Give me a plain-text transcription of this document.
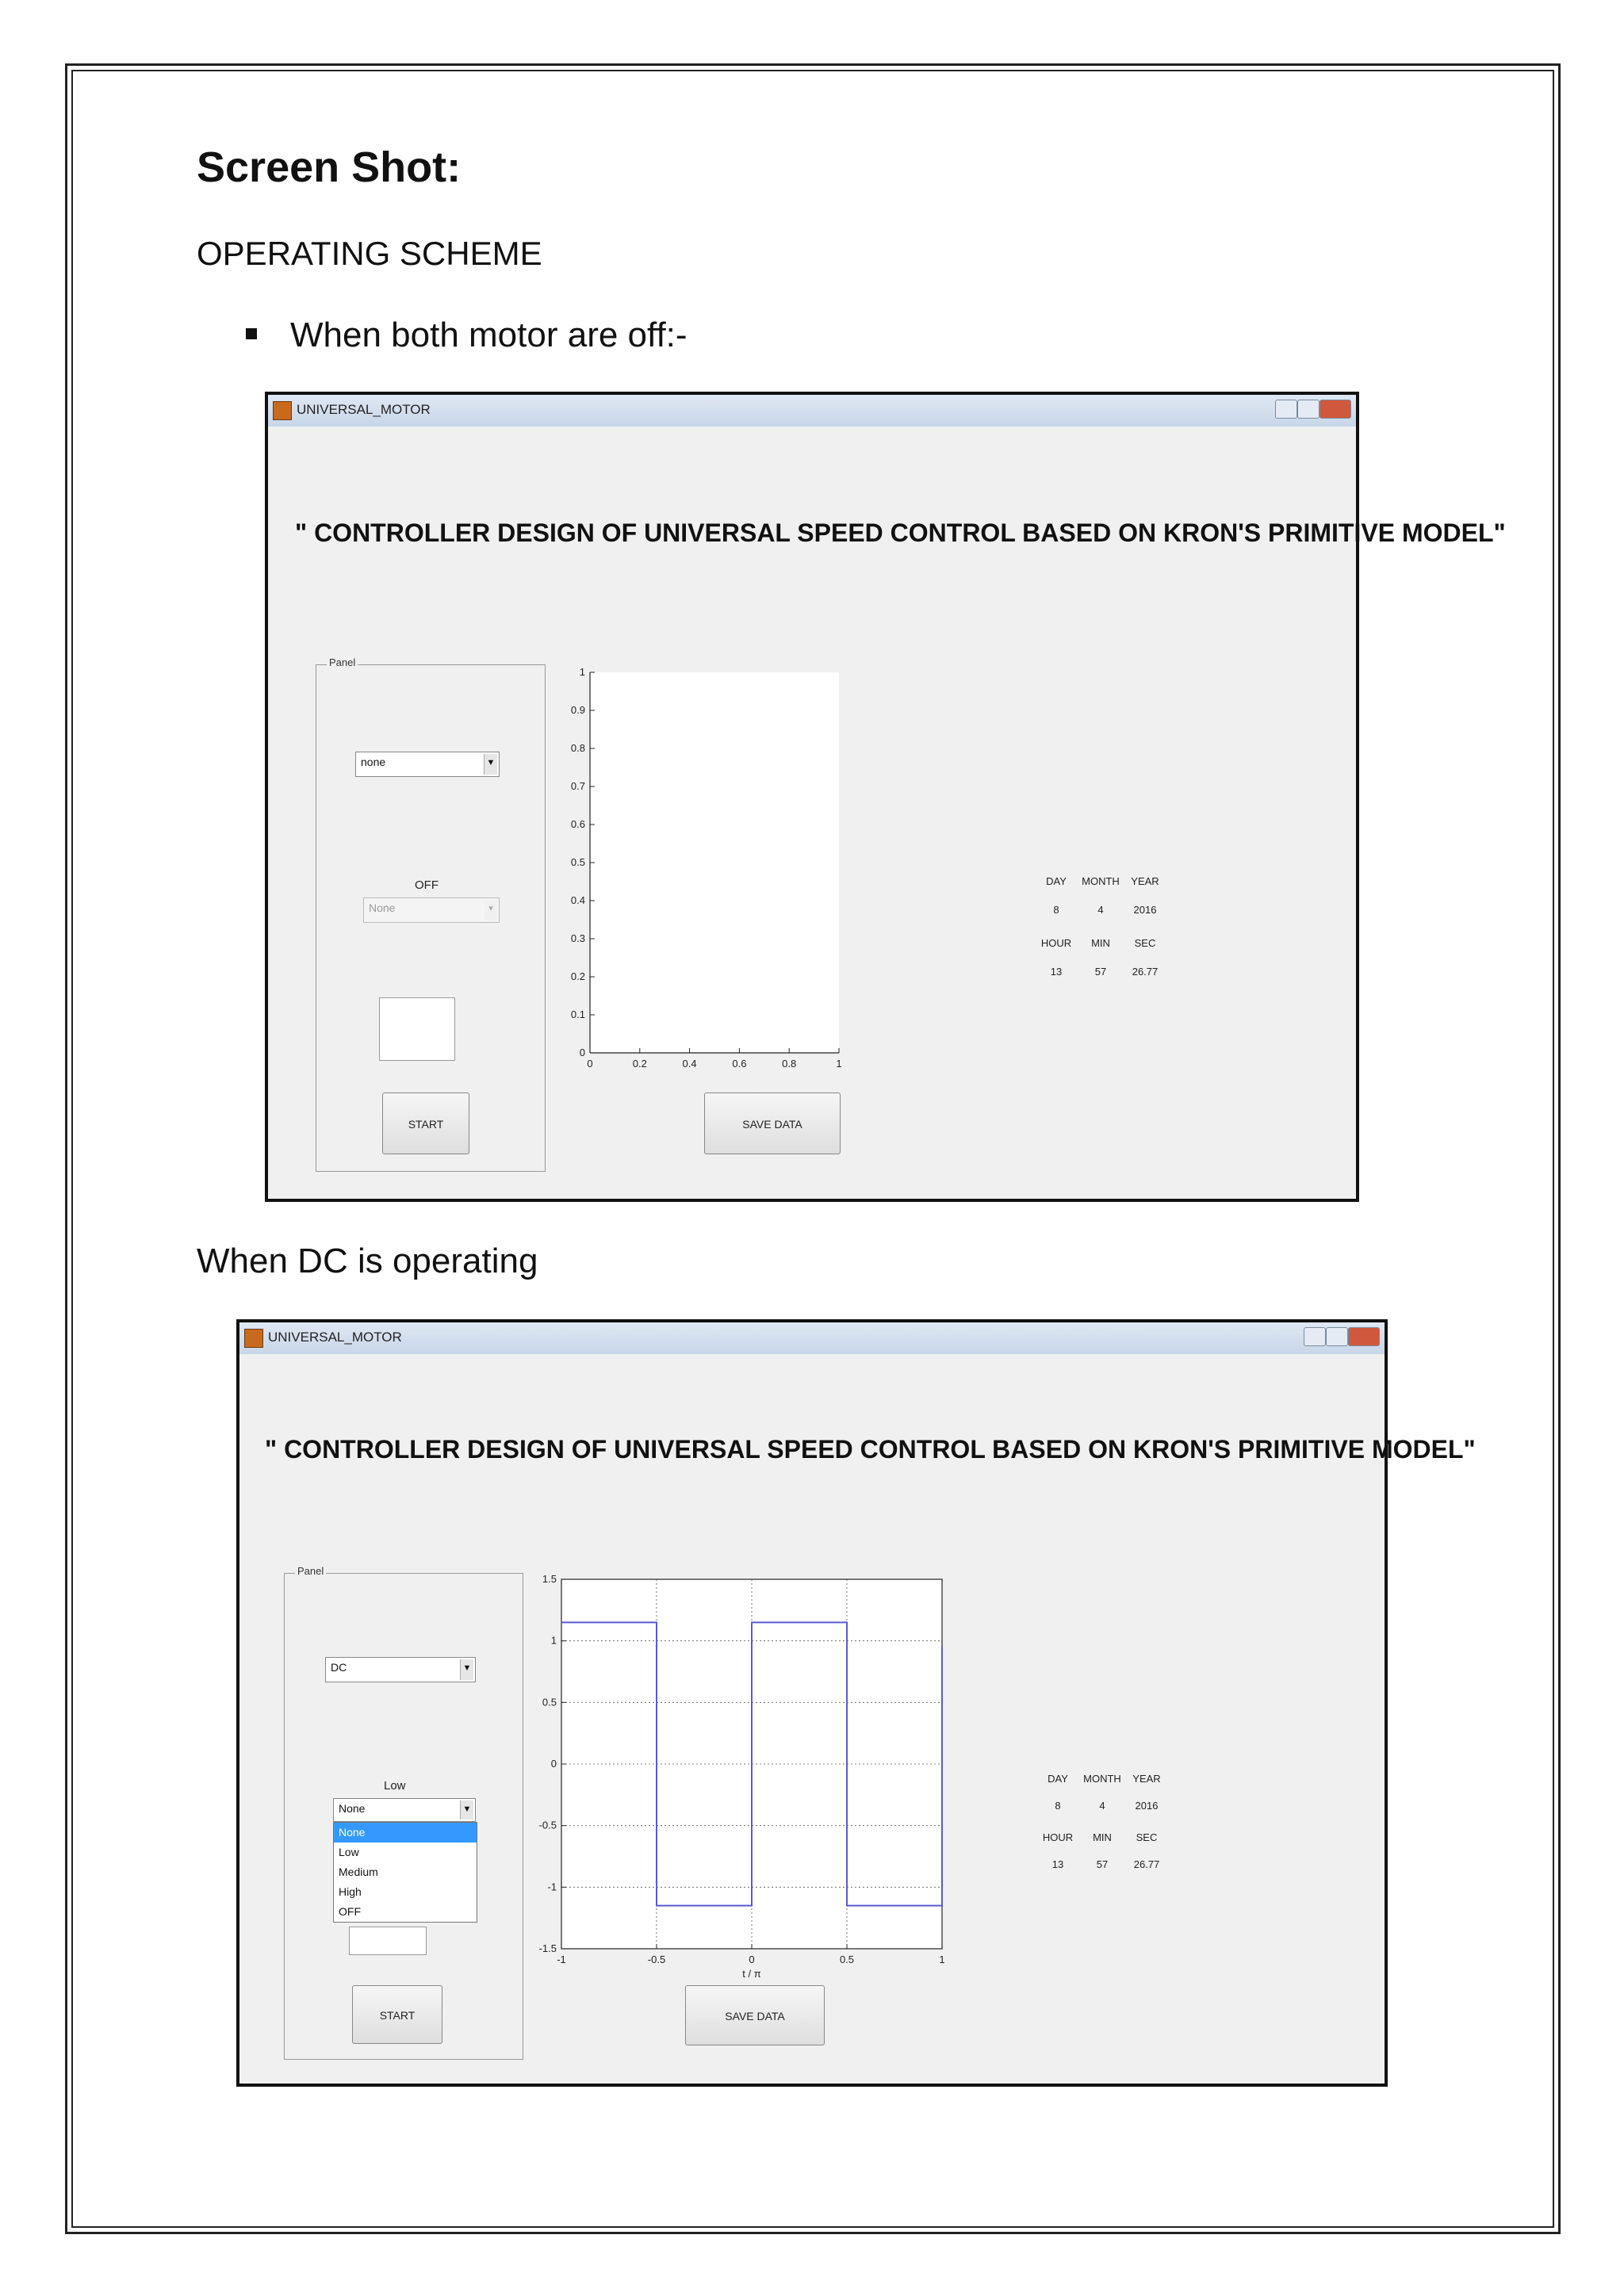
Screen Shot:
OPERATING SCHEME
When both motor are off:-
UNIVERSAL_MOTOR
" CONTROLLER DESIGN OF UNIVERSAL SPEED CONTROL BASED ON KRON'S PRIMITIVE MODEL"
Panel
none	▼
OFF
None	▾
START
0	0.2	0.4	0.6	0.8	1
0
0.1
0.2
0.3
0.4
0.5
0.6
0.7
0.8
0.9
1
SAVE DATA
DAY	MONTH	YEAR
8	4	2016
HOUR	MIN	SEC
13	57	26.77
When DC is operating
UNIVERSAL_MOTOR
" CONTROLLER DESIGN OF UNIVERSAL SPEED CONTROL BASED ON KRON'S PRIMITIVE MODEL"
Panel
DC	▼
Low
None	▼
None
Low
Medium
High
OFF
START
-1	-0.5	0	0.5	1
-1.5
-1
-0.5
0
0.5
1
1.5
t / π
SAVE DATA
DAY	MONTH	YEAR
8	4	2016
HOUR	MIN	SEC
13	57	26.77
